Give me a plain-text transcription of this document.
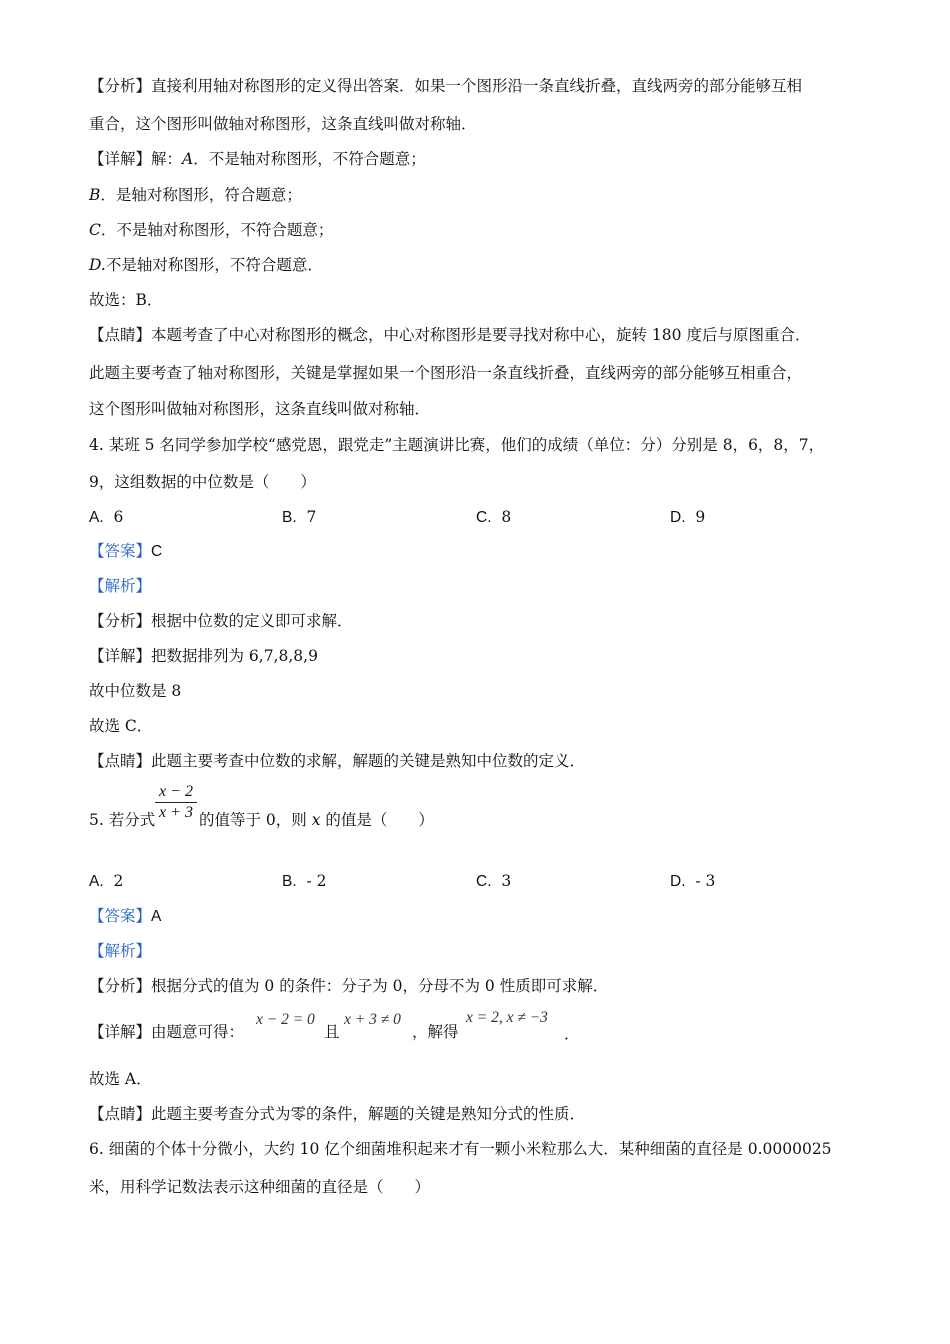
【分析】直接利用轴对称图形的定义得出答案．如果一个图形沿一条直线折叠，直线两旁的部分能够互相
重合，这个图形叫做轴对称图形，这条直线叫做对称轴．
【详解】解：A．不是轴对称图形，不符合题意；
B．是轴对称图形，符合题意；
C．不是轴对称图形，不符合题意；
D.不是轴对称图形，不符合题意．
故选：B．
【点睛】本题考查了中心对称图形的概念，中心对称图形是要寻找对称中心，旋转 180 度后与原图重合．
此题主要考查了轴对称图形，关键是掌握如果一个图形沿一条直线折叠，直线两旁的部分能够互相重合，
这个图形叫做轴对称图形，这条直线叫做对称轴．
4. 某班 5 名同学参加学校“感党恩，跟党走”主题演讲比赛，他们的成绩（单位：分）分别是 8，6，8，7，
9，这组数据的中位数是（　　）
A. 6	B. 7	C. 8	D. 9
【答案】C
【解析】
【分析】根据中位数的定义即可求解．
【详解】把数据排列为 6,7,8,8,9
故中位数是 8
故选 C．
【点睛】此题主要考查中位数的求解，解题的关键是熟知中位数的定义．
x − 2
x + 3
5. 若分式	的值等于 0，则 x 的值是（　　）
A. 2	B. - 2	C. 3	D. - 3
【答案】A
【解析】
【分析】根据分式的值为 0 的条件：分子为 0，分母不为 0 性质即可求解．
【详解】由题意可得：
x − 2 = 0
且
x + 3 ≠ 0
，解得
x = 2, x ≠ −3
．
故选 A．
【点睛】此题主要考查分式为零的条件，解题的关键是熟知分式的性质．
6. 细菌的个体十分微小，大约 10 亿个细菌堆积起来才有一颗小米粒那么大．某种细菌的直径是 0.0000025
米，用科学记数法表示这种细菌的直径是（　　）
